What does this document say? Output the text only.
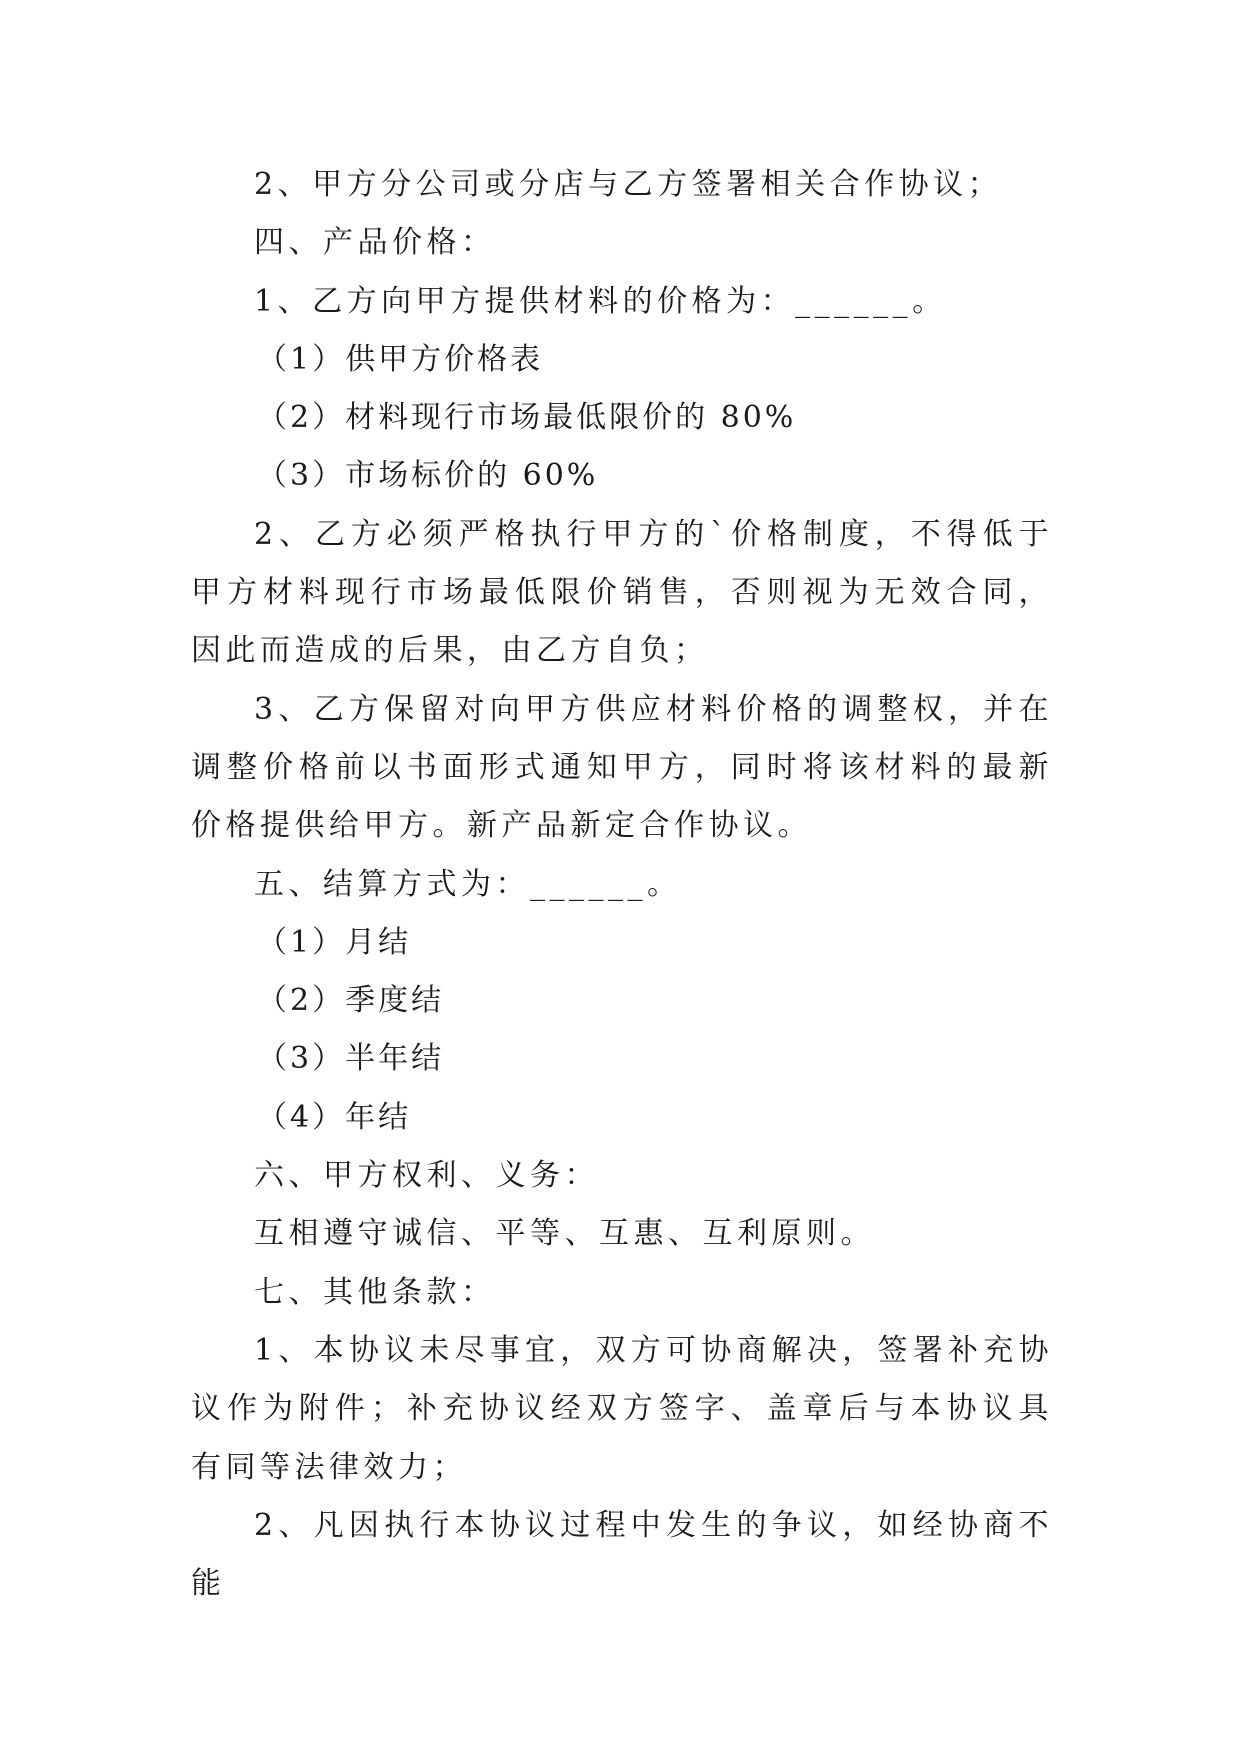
2、甲方分公司或分店与乙方签署相关合作协议；

四、产品价格：

1、乙方向甲方提供材料的价格为：______。

（1）供甲方价格表

（2）材料现行市场最低限价的 80%

（3）市场标价的 60%

2、乙方必须严格执行甲方的`价格制度，不得低于甲方材料现行市场最低限价销售，否则视为无效合同，因此而造成的后果，由乙方自负；

3、乙方保留对向甲方供应材料价格的调整权，并在调整价格前以书面形式通知甲方，同时将该材料的最新价格提供给甲方。新产品新定合作协议。

五、结算方式为：______。

（1）月结

（2）季度结

（3）半年结

（4）年结

六、甲方权利、义务：

互相遵守诚信、平等、互惠、互利原则。

七、其他条款：

1、本协议未尽事宜，双方可协商解决，签署补充协议作为附件；补充协议经双方签字、盖章后与本协议具有同等法律效力；

2、凡因执行本协议过程中发生的争议，如经协商不能
